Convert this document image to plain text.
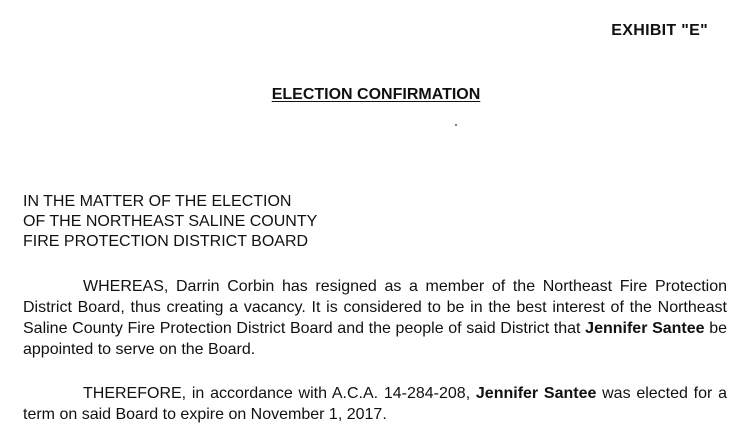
EXHIBIT "E"
ELECTION CONFIRMATION
IN THE MATTER OF THE ELECTION
OF THE NORTHEAST SALINE COUNTY
FIRE PROTECTION DISTRICT BOARD

WHEREAS, Darrin Corbin has resigned as a member of the Northeast Fire Protection District Board, thus creating a vacancy. It is considered to be in the best interest of the Northeast Saline County Fire Protection District Board and the people of said District that Jennifer Santee be appointed to serve on the Board.

THEREFORE, in accordance with A.C.A. 14-284-208, Jennifer Santee was elected for a term on said Board to expire on November 1, 2017.
